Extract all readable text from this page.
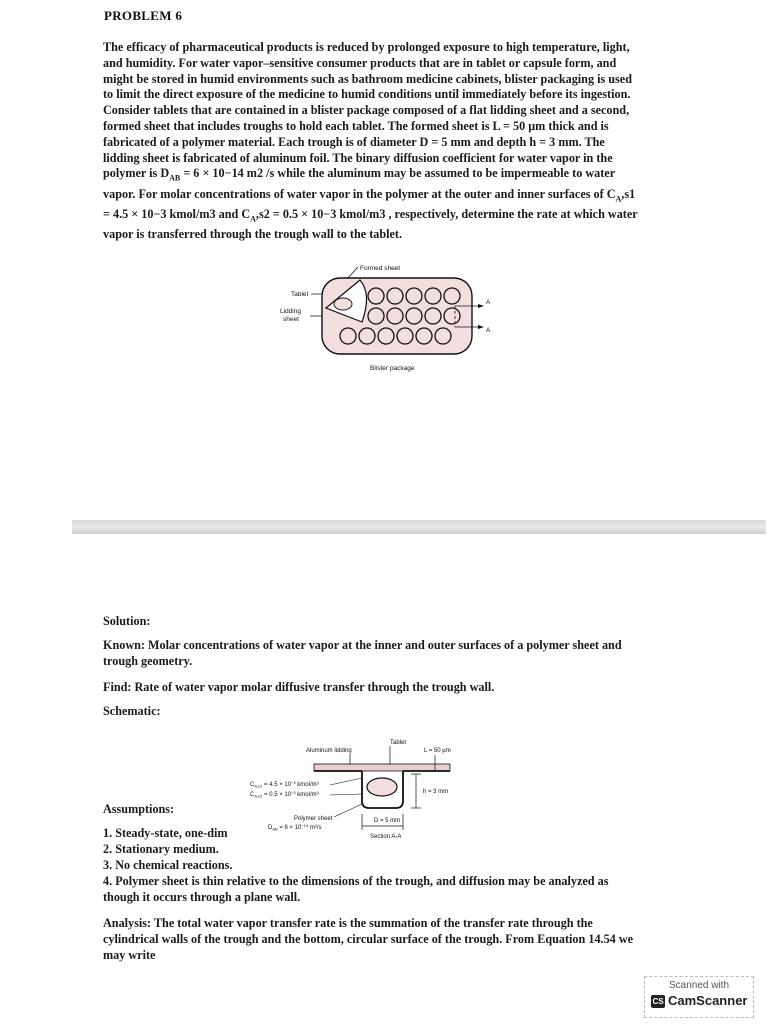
PROBLEM 6

The efficacy of pharmaceutical products is reduced by prolonged exposure to high temperature, light, and humidity. For water vapor–sensitive consumer products that are in tablet or capsule form, and might be stored in humid environments such as bathroom medicine cabinets, blister packaging is used to limit the direct exposure of the medicine to humid conditions until immediately before its ingestion. Consider tablets that are contained in a blister package composed of a flat lidding sheet and a second, formed sheet that includes troughs to hold each tablet. The formed sheet is L = 50 μm thick and is fabricated of a polymer material. Each trough is of diameter D = 5 mm and depth h = 3 mm. The lidding sheet is fabricated of aluminum foil. The binary diffusion coefficient for water vapor in the polymer is $D_{AB} = 6 \times 10-14$ m2 /s while the aluminum may be assumed to be impermeable to water vapor. For molar concentrations of water vapor in the polymer at the outer and inner surfaces of $C_A,s1 = 4.5 \times 10-3$ kmol/m3 and $C_A,s2 = 0.5 \times 10-3$ kmol/m3 , respectively, determine the rate at which water vapor is transferred through the trough wall to the tablet.

Formed sheet
Tablet
Lidding
sheet
Blister package
A
A

Solution:

Known: Molar concentrations of water vapor at the inner and outer surfaces of a polymer sheet and trough geometry.

Find: Rate of water vapor molar diffusive transfer through the trough wall.

Schematic:

Aluminum lidding
Tablet
L = 50 μm
$C_{A,s1} = 4.5 \times 10^{-3}$ kmol/m³
$C_{A,s2} = 0.5 \times 10^{-3}$ kmol/m³	h = 3 mm
Polymer sheet
$D_{AB} = 6 \times 10^{-14}$ m²/s
D = 5 mm
Section A-A

Assumptions:

1. Steady-state, one-dim

2. Stationary medium.

3. No chemical reactions.

4. Polymer sheet is thin relative to the dimensions of the trough, and diffusion may be analyzed as though it occurs through a plane wall.

Analysis: The total water vapor transfer rate is the summation of the transfer rate through the cylindrical walls of the trough and the bottom, circular surface of the trough. From Equation 14.54 we may write

Scanned with
CS CamScanner
